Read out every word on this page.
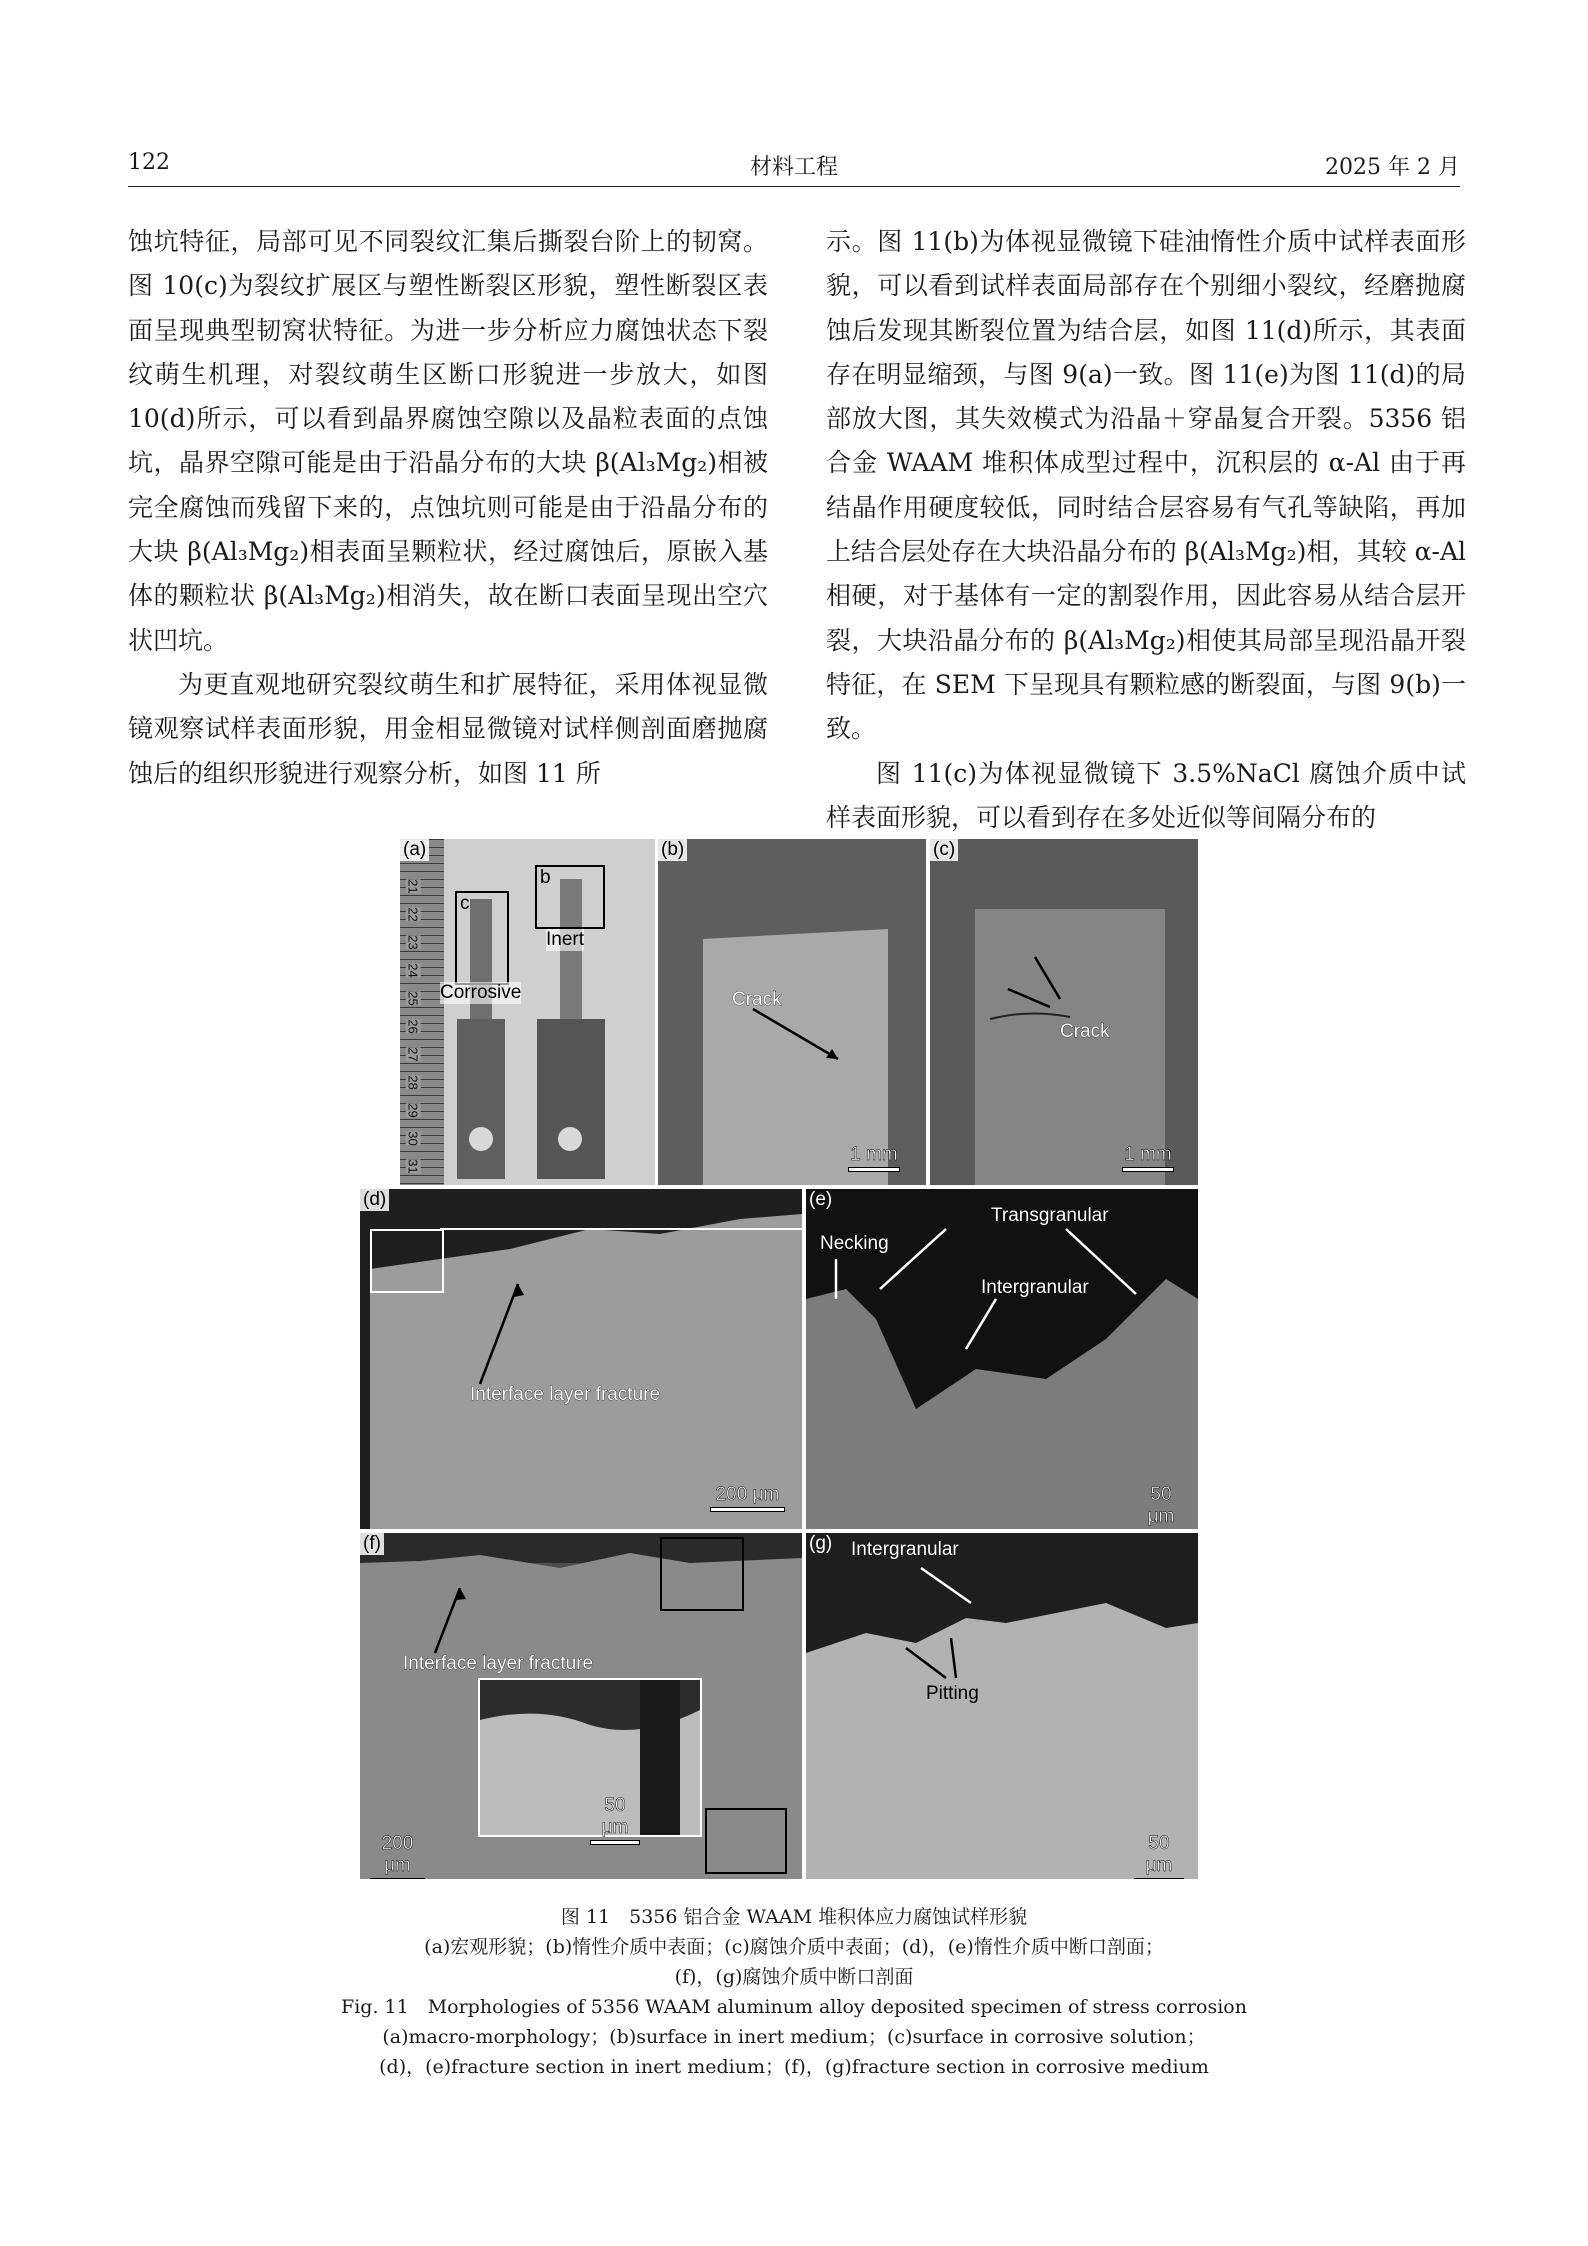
122	材料工程	2025 年 2 月

蚀坑特征，局部可见不同裂纹汇集后撕裂台阶上的韧窝。图 10(c)为裂纹扩展区与塑性断裂区形貌，塑性断裂区表面呈现典型韧窝状特征。为进一步分析应力腐蚀状态下裂纹萌生机理，对裂纹萌生区断口形貌进一步放大，如图 10(d)所示，可以看到晶界腐蚀空隙以及晶粒表面的点蚀坑，晶界空隙可能是由于沿晶分布的大块 β(Al₃Mg₂)相被完全腐蚀而残留下来的，点蚀坑则可能是由于沿晶分布的大块 β(Al₃Mg₂)相表面呈颗粒状，经过腐蚀后，原嵌入基体的颗粒状 β(Al₃Mg₂)相消失，故在断口表面呈现出空穴状凹坑。

为更直观地研究裂纹萌生和扩展特征，采用体视显微镜观察试样表面形貌，用金相显微镜对试样侧剖面磨抛腐蚀后的组织形貌进行观察分析，如图 11 所

示。图 11(b)为体视显微镜下硅油惰性介质中试样表面形貌，可以看到试样表面局部存在个别细小裂纹，经磨抛腐蚀后发现其断裂位置为结合层，如图 11(d)所示，其表面存在明显缩颈，与图 9(a)一致。图 11(e)为图 11(d)的局部放大图，其失效模式为沿晶＋穿晶复合开裂。5356 铝合金 WAAM 堆积体成型过程中，沉积层的 α-Al 由于再结晶作用硬度较低，同时结合层容易有气孔等缺陷，再加上结合层处存在大块沿晶分布的 β(Al₃Mg₂)相，其较 α-Al 相硬，对于基体有一定的割裂作用，因此容易从结合层开裂，大块沿晶分布的 β(Al₃Mg₂)相使其局部呈现沿晶开裂特征，在 SEM 下呈现具有颗粒感的断裂面，与图 9(b)一致。

图 11(c)为体视显微镜下 3.5%NaCl 腐蚀介质中试样表面形貌，可以看到存在多处近似等间隔分布的

21
22
23
24
25
26
27
28
29
30
31
c
b
Corrosive
Inert
(a)
Crack
1 mm
(b)
Crack
1 mm
(c)
Interface layer fracture
200 μm
(d)
Necking
Transgranular
Intergranular
50 μm
(e)
Interface layer fracture
50 μm
200 μm
(f)	Intergranular
Pitting
50 μm
(g)
图 11　5356 铝合金 WAAM 堆积体应力腐蚀试样形貌
(a)宏观形貌；(b)惰性介质中表面；(c)腐蚀介质中表面；(d)，(e)惰性介质中断口剖面；
(f)，(g)腐蚀介质中断口剖面
Fig. 11　Morphologies of 5356 WAAM aluminum alloy deposited specimen of stress corrosion
(a)macro-morphology；(b)surface in inert medium；(c)surface in corrosive solution；
(d)，(e)fracture section in inert medium；(f)，(g)fracture section in corrosive medium
